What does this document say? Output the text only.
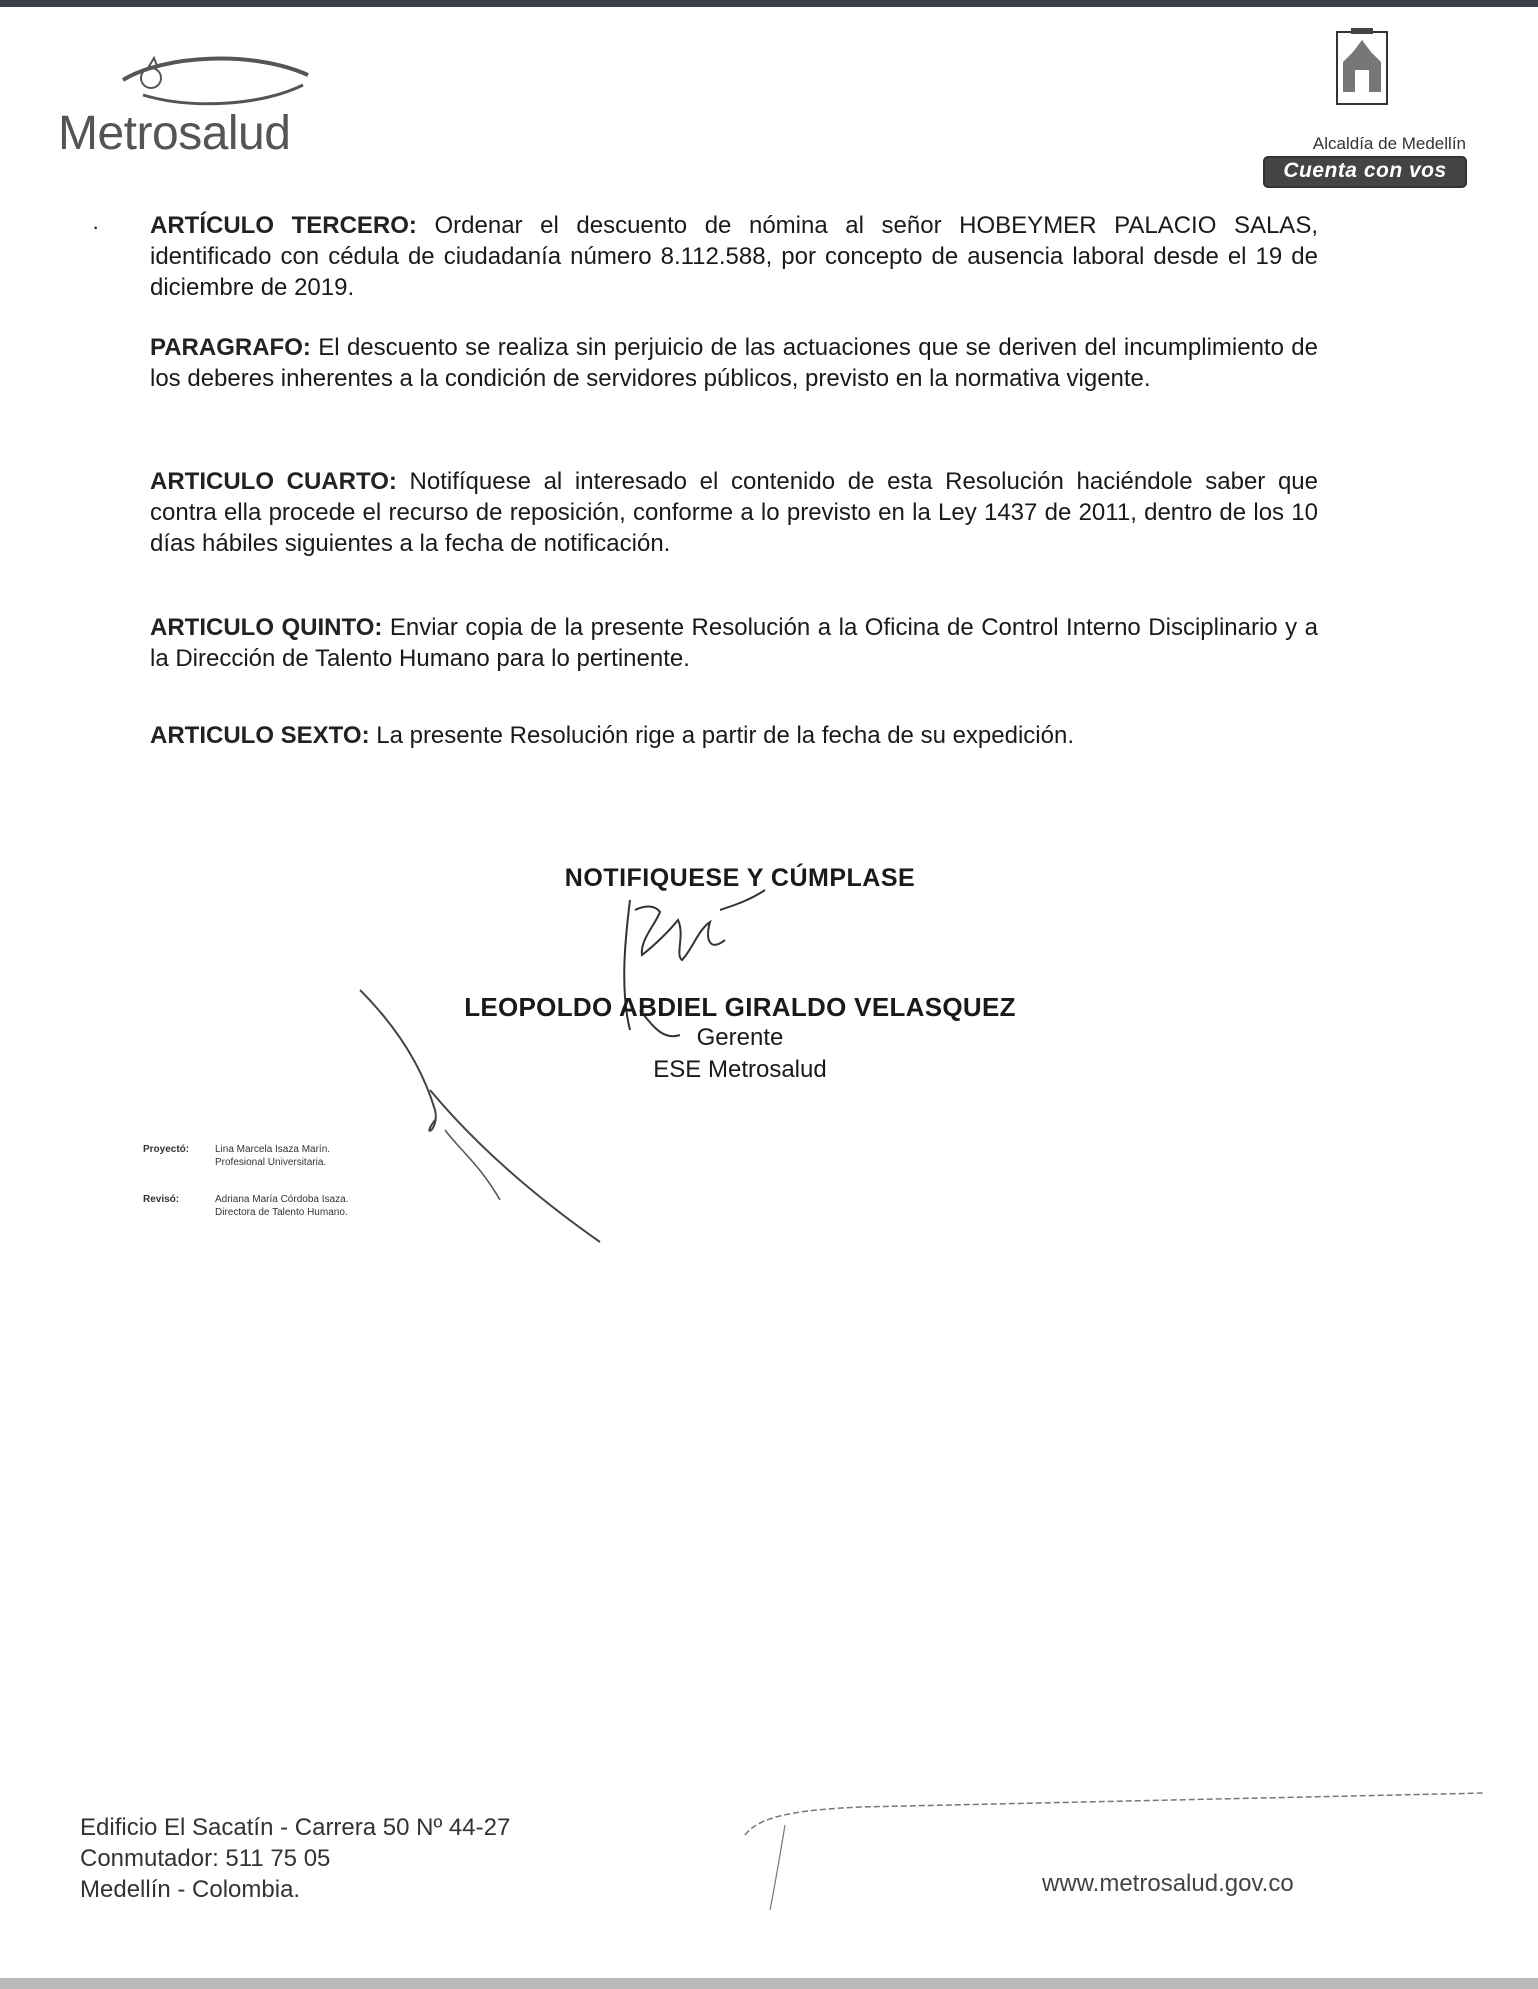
Metrosalud	Alcaldía de Medellín
Cuenta con vos
· ARTÍCULO TERCERO: Ordenar el descuento de nómina al señor HOBEYMER PALACIO SALAS, identificado con cédula de ciudadanía número 8.112.588, por concepto de ausencia laboral desde el 19 de diciembre de 2019.

PARAGRAFO: El descuento se realiza sin perjuicio de las actuaciones que se deriven del incumplimiento de los deberes inherentes a la condición de servidores públicos, previsto en la normativa vigente.

ARTICULO CUARTO: Notifíquese al interesado el contenido de esta Resolución haciéndole saber que contra ella procede el recurso de reposición, conforme a lo previsto en la Ley 1437 de 2011, dentro de los 10 días hábiles siguientes a la fecha de notificación.

ARTICULO QUINTO: Enviar copia de la presente Resolución a la Oficina de Control Interno Disciplinario y a la Dirección de Talento Humano para lo pertinente.

ARTICULO SEXTO: La presente Resolución rige a partir de la fecha de su expedición.

NOTIFIQUESE Y CÚMPLASE
LEOPOLDO ABDIEL GIRALDO VELASQUEZ
Gerente
ESE Metrosalud
Proyectó:	Lina Marcela Isaza Marín.
Profesional Universitaria.
Revisó:	Adriana María Córdoba Isaza.
Directora de Talento Humano.
Edificio El Sacatín - Carrera 50 Nº 44-27
Conmutador: 511 75 05
Medellín - Colombia.	www.metrosalud.gov.co
